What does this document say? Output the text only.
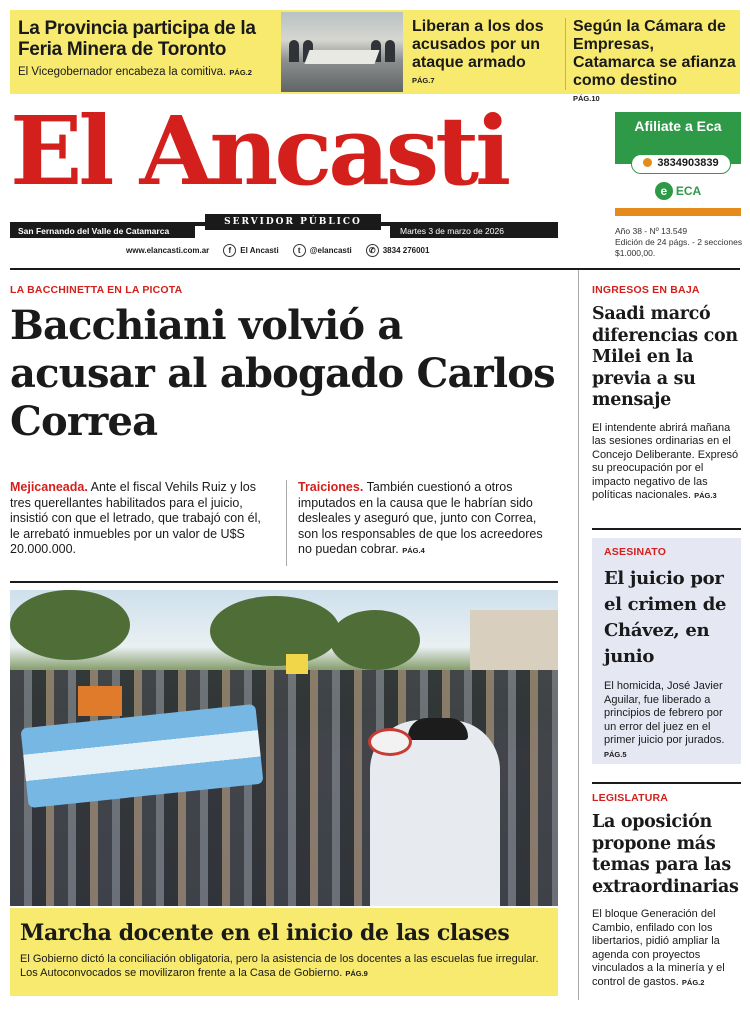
La Provincia participa de la Feria Minera de Toronto

El Vicegobernador encabeza la comitiva. PÁG.2

Liberan a los dos acusados por un ataque armado
PÁG.7
Según la Cámara de Empresas, Catamarca se afianza como destino
PÁG.10
El Ancasti
San Fernando del Valle de Catamarca
SERVIDOR PÚBLICO
Martes 3 de marzo de 2026
www.elancasti.com.ar	f	El Ancasti	t	@elancasti	✆ 3834 276001
Afiliate a Eca
3834903839
e ECA
Año 38 - Nº 13.549
Edición de 24 págs. - 2 secciones
$1.000,00.
LA BACCHINETTA EN LA PICOTA
Bacchiani volvió a acusar al abogado Carlos Correa
Mejicaneada. Ante el fiscal Vehils Ruiz y los tres querellantes habilitados para el juicio, insistió con que el letrado, que trabajó con él, le arrebató inmuebles por un valor de U$S 20.000.000.
Traiciones. También cuestionó a otros imputados en la causa que le habrían sido desleales y aseguró que, junto con Correa, son los responsables de que los acreedores no puedan cobrar. PÁG.4
Marcha docente en el inicio de las clases

El Gobierno dictó la conciliación obligatoria, pero la asistencia de los docentes a las escuelas fue irregular. Los Autoconvocados se movilizaron frente a la Casa de Gobierno. PÁG.9

INGRESOS EN BAJA
Saadi marcó diferencias con Milei en la previa a su mensaje

El intendente abrirá mañana las sesiones ordinarias en el Concejo Deliberante. Expresó su preocupación por el impacto negativo de las políticas nacionales. PÁG.3

ASESINATO
El juicio por el crimen de Chávez, en junio

El homicida, José Javier Aguilar, fue liberado a principios de febrero por un error del juez en el primer juicio por jurados. PÁG.5

LEGISLATURA
La oposición propone más temas para las extraordinarias

El bloque Generación del Cambio, enfilado con los libertarios, pidió ampliar la agenda con proyectos vinculados a la minería y el control de gastos. PÁG.2
